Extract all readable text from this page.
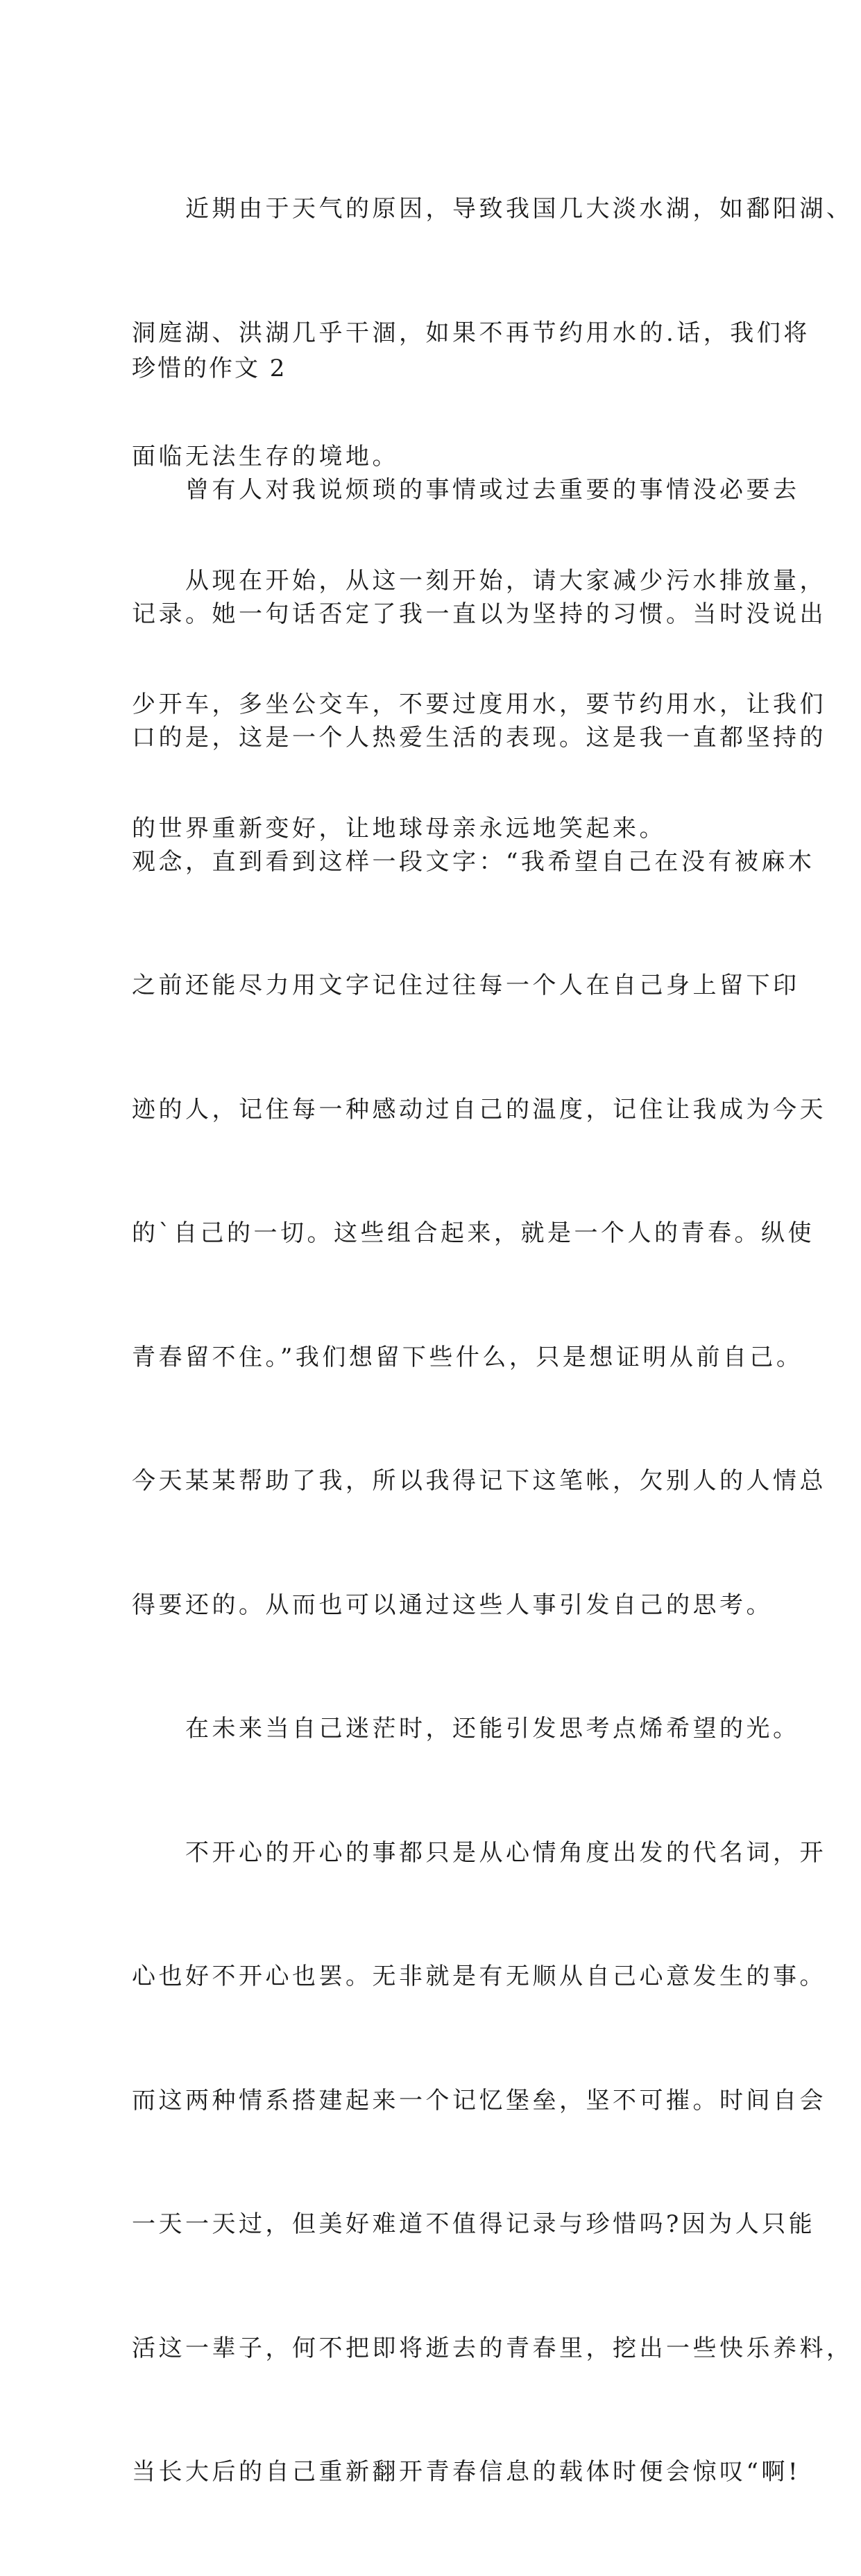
　　近期由于天气的原因，导致我国几大淡水湖，如鄱阳湖、

洞庭湖、洪湖几乎干涸，如果不再节约用水的.话，我们将

面临无法生存的境地。

　　从现在开始，从这一刻开始，请大家减少污水排放量，

少开车，多坐公交车，不要过度用水，要节约用水，让我们

的世界重新变好，让地球母亲永远地笑起来。

珍惜的作文 2

　　曾有人对我说烦琐的事情或过去重要的事情没必要去

记录。她一句话否定了我一直以为坚持的习惯。当时没说出

口的是，这是一个人热爱生活的表现。这是我一直都坚持的

观念，直到看到这样一段文字：“我希望自己在没有被麻木

之前还能尽力用文字记住过往每一个人在自己身上留下印

迹的人，记住每一种感动过自己的温度，记住让我成为今天

的`自己的一切。这些组合起来，就是一个人的青春。纵使

青春留不住。”我们想留下些什么，只是想证明从前自己。

今天某某帮助了我，所以我得记下这笔帐，欠别人的人情总

得要还的。从而也可以通过这些人事引发自己的思考。

　　在未来当自己迷茫时，还能引发思考点烯希望的光。

　　不开心的开心的事都只是从心情角度出发的代名词，开

心也好不开心也罢。无非就是有无顺从自己心意发生的事。

而这两种情系搭建起来一个记忆堡垒，坚不可摧。时间自会

一天一天过，但美好难道不值得记录与珍惜吗?因为人只能

活这一辈子，何不把即将逝去的青春里，挖出一些快乐养料，

当长大后的自己重新翻开青春信息的载体时便会惊叹“啊!
